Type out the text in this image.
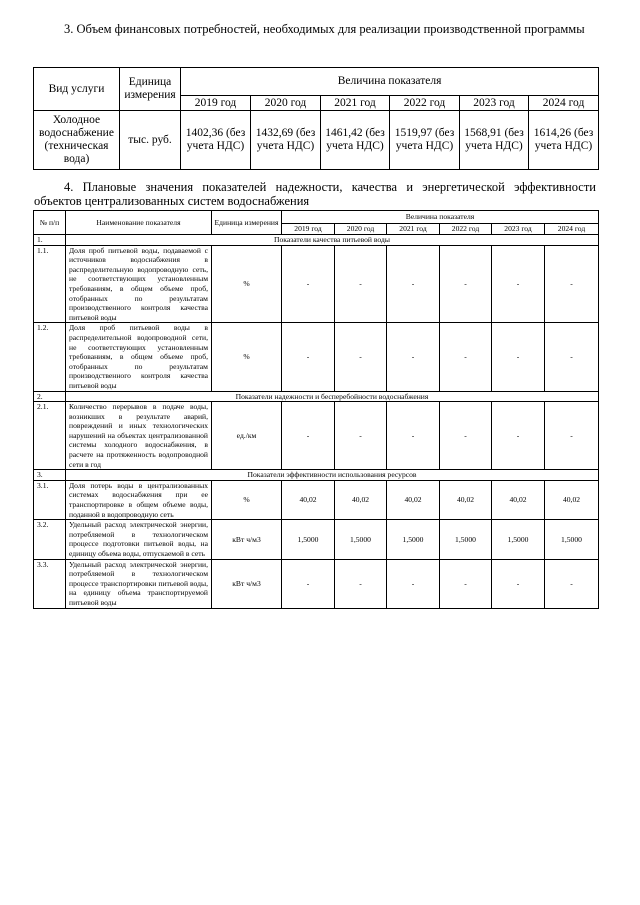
3. Объем финансовых потребностей, необходимых для реализации производственной программы
Вид услуги	Единица измерения	Величина показателя					
		2019 год	2020 год	2021 год	2022 год	2023 год	2024 год
Холодное водоснабжение (техническая вода)	тыс. руб.	1402,36 (без учета НДС)	1432,69 (без учета НДС)	1461,42 (без учета НДС)	1519,97 (без учета НДС)	1568,91 (без учета НДС)	1614,26 (без учета НДС)
4. Плановые значения показателей надежности, качества и энергетической эффективности объектов централизованных систем водоснабжения
№ п/п	Наименование показателя	Единица измерения	Величина показателя					
			2019 год	2020 год	2021 год	2022 год	2023 год	2024 год
1.	Показатели качества питьевой воды							
1.1.	Доля проб питьевой воды, подаваемой с источников водоснабжения в распределительную водопроводную сеть, не соответствующих установленным требованиям, в общем объеме проб, отобранных по результатам производственного контроля качества питьевой воды	%	-	-	-	-	-	-
1.2.	Доля проб питьевой воды в распределительной водопроводной сети, не соответствующих установленным требованиям, в общем объеме проб, отобранных по результатам производственного контроля качества питьевой воды	%	-	-	-	-	-	-
2.	Показатели надежности и бесперебойности водоснабжения							
2.1.	Количество перерывов в подаче воды, возникших в результате аварий, повреждений и иных технологических нарушений на объектах централизованной системы холодного водоснабжения, в расчете на протяженность водопроводной сети в год	ед./км	-	-	-	-	-	-
3.	Показатели эффективности использования ресурсов							
3.1.	Доля потерь воды в централизованных системах водоснабжения при ее транспортировке в общем объеме воды, поданной в водопроводную сеть	%	40,02	40,02	40,02	40,02	40,02	40,02
3.2.	Удельный расход электрической энергии, потребляемой в технологическом процессе подготовки питьевой воды, на единицу объема воды, отпускаемой в сеть	кВт ч/м3	1,5000	1,5000	1,5000	1,5000	1,5000	1,5000
3.3.	Удельный расход электрической энергии, потребляемой в технологическом процессе транспортировки питьевой воды, на единицу объема транспортируемой питьевой воды	кВт ч/м3	-	-	-	-	-	-
